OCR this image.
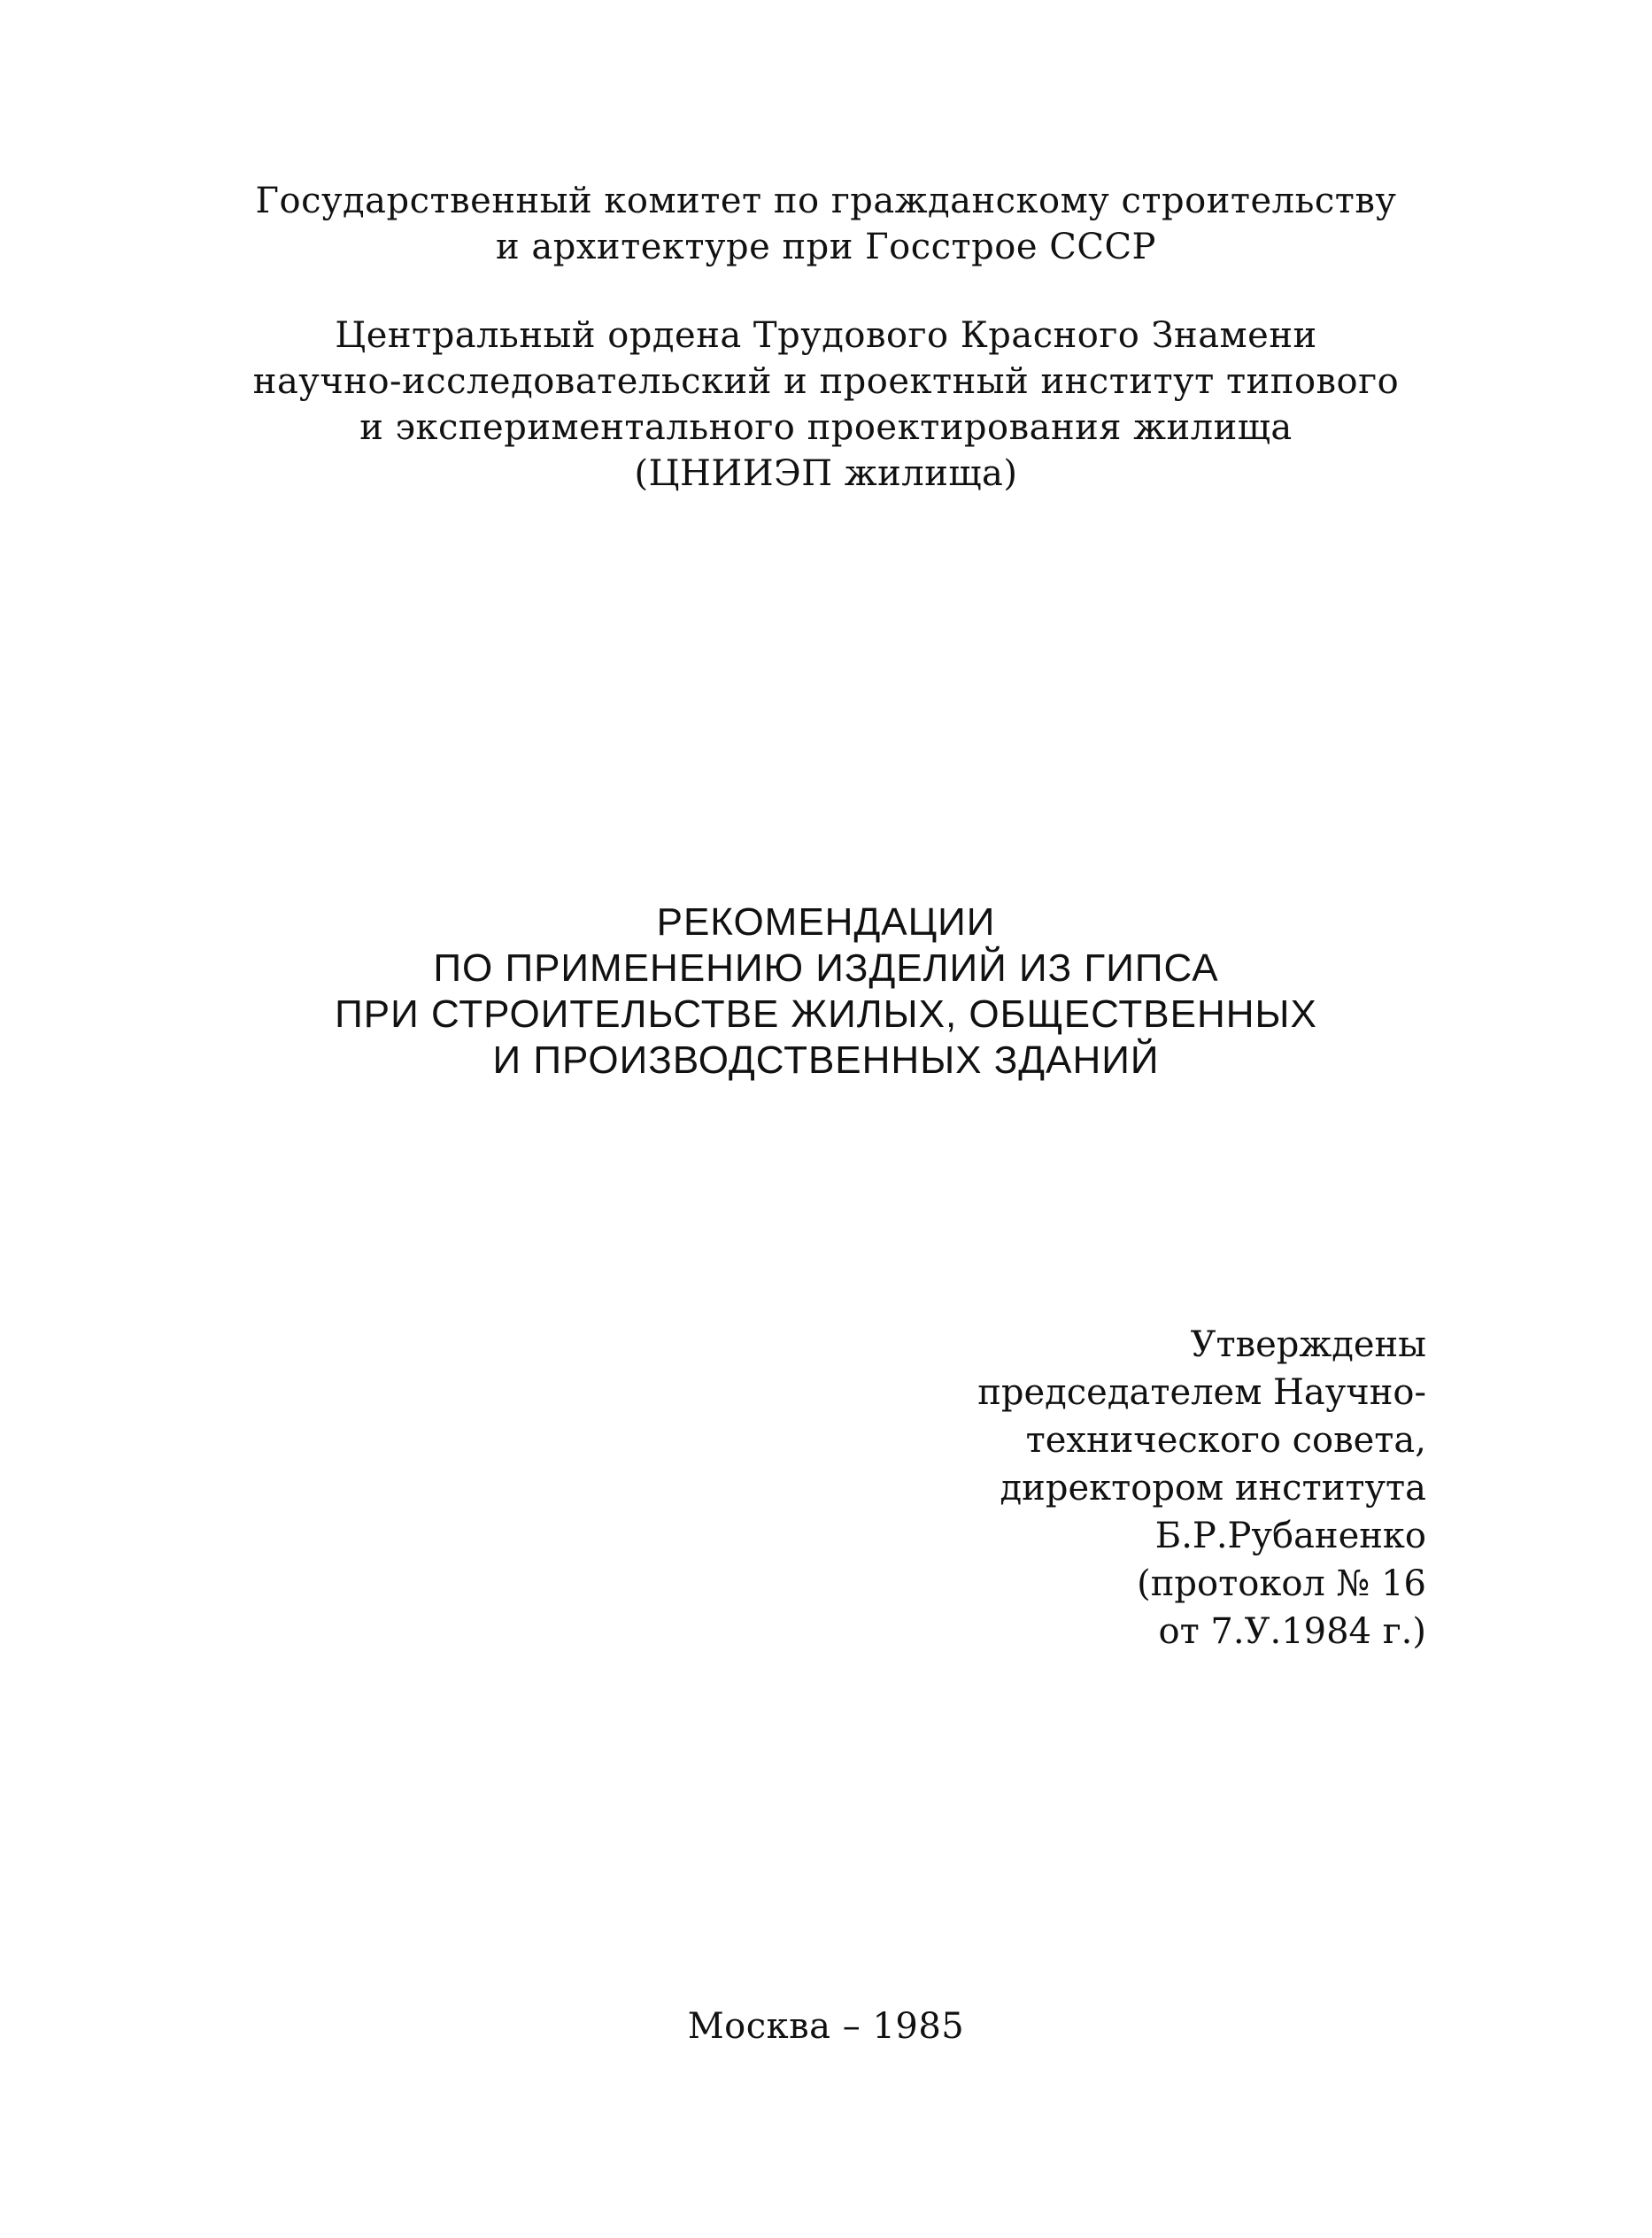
Государственный комитет по гражданскому строительству
и архитектуре при Госстрое СССР
Центральный ордена Трудового Красного Знамени
научно-исследовательский и проектный институт типового
и экспериментального проектирования жилища
(ЦНИИЭП жилища)
РЕКОМЕНДАЦИИ
ПО ПРИМЕНЕНИЮ ИЗДЕЛИЙ ИЗ ГИПСА
ПРИ СТРОИТЕЛЬСТВЕ ЖИЛЫХ, ОБЩЕСТВЕННЫХ
И ПРОИЗВОДСТВЕННЫХ ЗДАНИЙ
Утверждены
председателем Научно-
технического совета,
директором института
Б.Р.Рубаненко
(протокол № 16
от 7.У.1984 г.)
Москва – 1985
